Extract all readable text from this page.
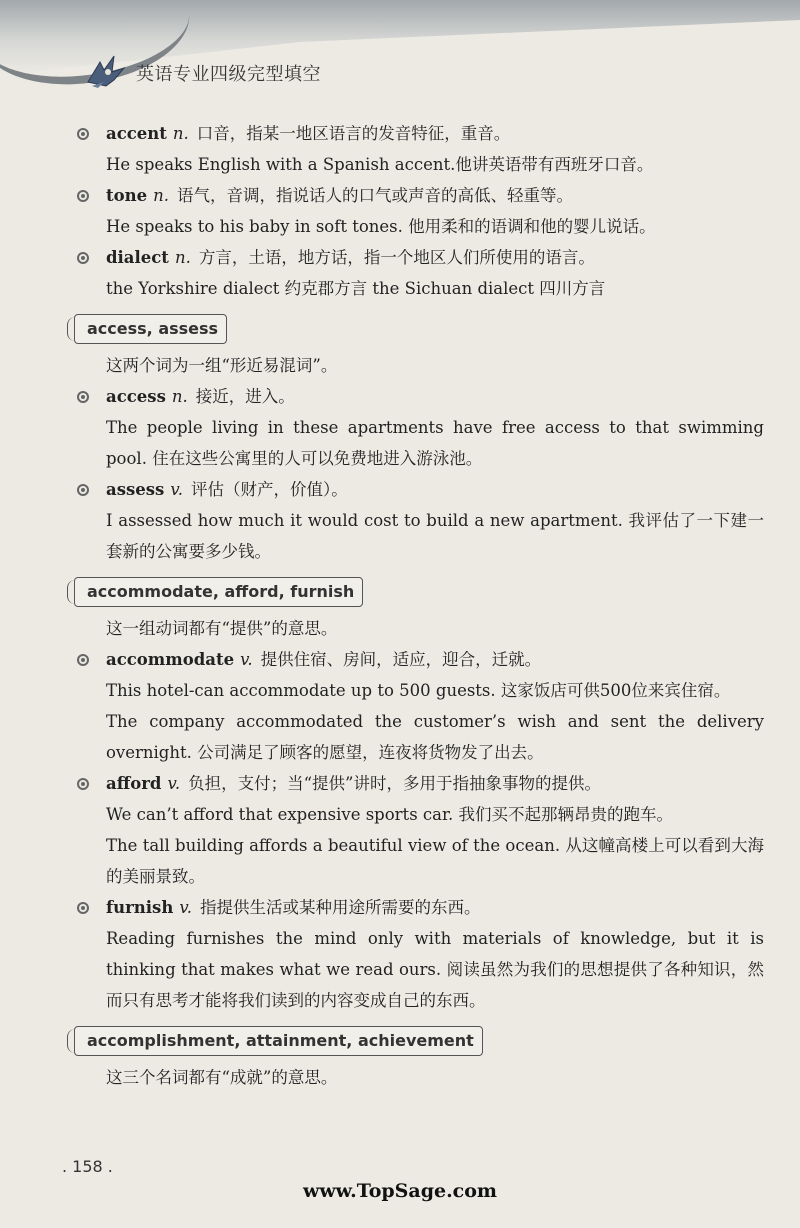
英语专业四级完型填空
accent n. 口音，指某一地区语言的发音特征，重音。
He speaks English with a Spanish accent.他讲英语带有西班牙口音。
tone n. 语气，音调，指说话人的口气或声音的高低、轻重等。
He speaks to his baby in soft tones. 他用柔和的语调和他的婴儿说话。
dialect n. 方言，土语，地方话，指一个地区人们所使用的语言。
the Yorkshire dialect 约克郡方言 the Sichuan dialect 四川方言
access, assess
这两个词为一组“形近易混词”。
access n. 接近，进入。
The people living in these apartments have free access to that swimming pool. 住在这些公寓里的人可以免费地进入游泳池。
assess v. 评估（财产，价值）。
I assessed how much it would cost to build a new apartment. 我评估了一下建一套新的公寓要多少钱。
accommodate, afford, furnish
这一组动词都有“提供”的意思。
accommodate v. 提供住宿、房间，适应，迎合，迁就。
This hotel-can accommodate up to 500 guests. 这家饭店可供500位来宾住宿。
The company accommodated the customer’s wish and sent the delivery overnight. 公司满足了顾客的愿望，连夜将货物发了出去。
afford v. 负担，支付；当“提供”讲时，多用于指抽象事物的提供。
We can’t afford that expensive sports car. 我们买不起那辆昂贵的跑车。
The tall building affords a beautiful view of the ocean. 从这幢高楼上可以看到大海的美丽景致。
furnish v. 指提供生活或某种用途所需要的东西。
Reading furnishes the mind only with materials of knowledge, but it is thinking that makes what we read ours. 阅读虽然为我们的思想提供了各种知识，然而只有思考才能将我们读到的内容变成自己的东西。
accomplishment, attainment, achievement
这三个名词都有“成就”的意思。
. 158 .
www.TopSage.com
